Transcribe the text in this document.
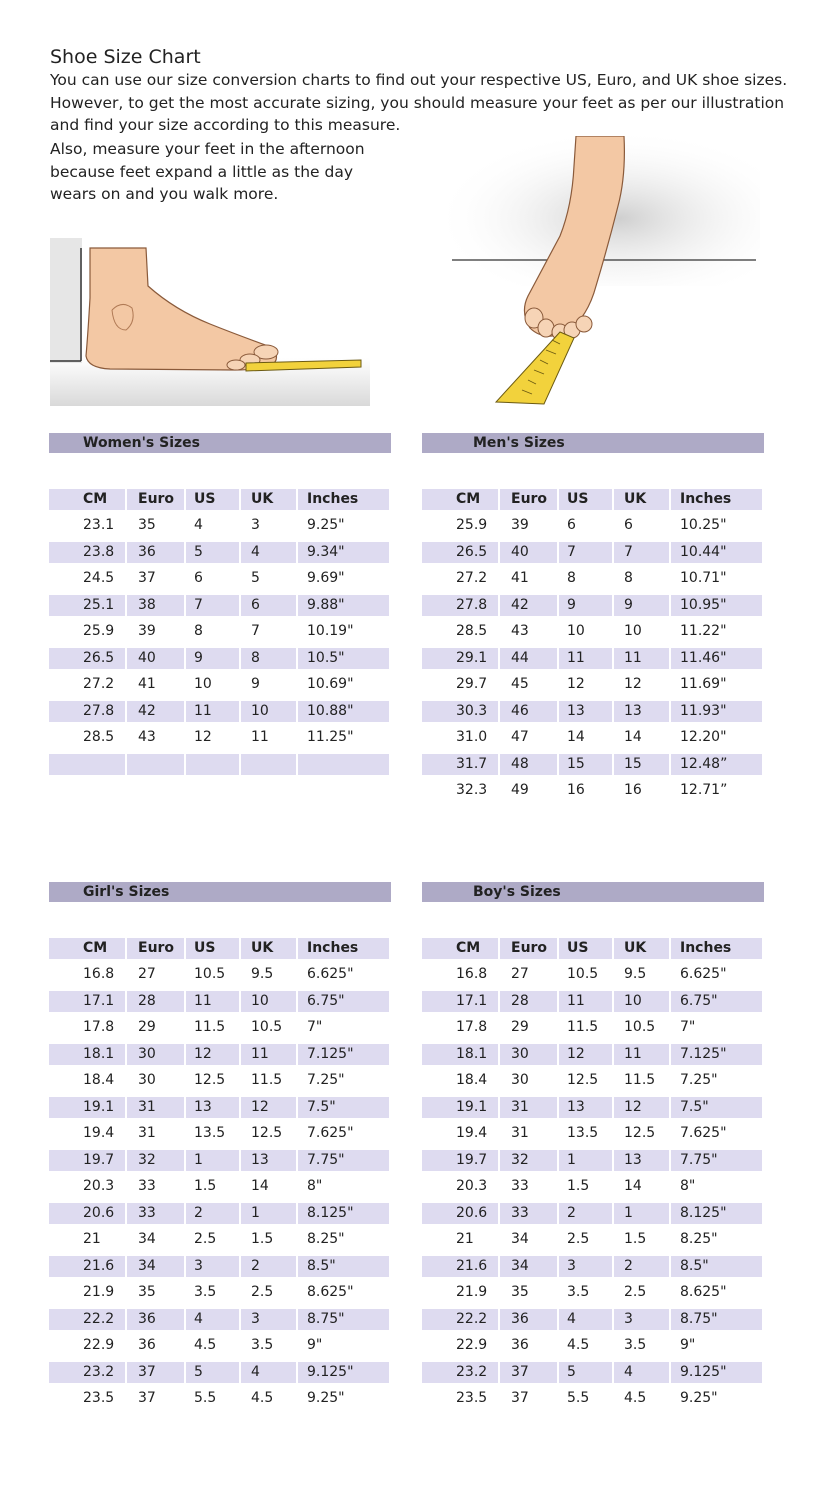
Shoe Size Chart

You can use our size conversion charts to find out your respective US, Euro, and UK shoe sizes.
However, to get the most accurate sizing, you should measure your feet as per our illustration
and find your size according to this measure.

Also, measure your feet in the afternoon
because feet expand a little as the day
wears on and you walk more.

Women's Sizes
CM	Euro	US	UK	Inches
23.1	35	4	3	9.25"
23.8	36	5	4	9.34"
24.5	37	6	5	9.69"
25.1	38	7	6	9.88"
25.9	39	8	7	10.19"
26.5	40	9	8	10.5"
27.2	41	10	9	10.69"
27.8	42	11	10	10.88"
28.5	43	12	11	11.25"
Men's Sizes
CM	Euro	US	UK	Inches
25.9	39	6	6	10.25"
26.5	40	7	7	10.44"
27.2	41	8	8	10.71"
27.8	42	9	9	10.95"
28.5	43	10	10	11.22"
29.1	44	11	11	11.46"
29.7	45	12	12	11.69"
30.3	46	13	13	11.93"
31.0	47	14	14	12.20"
31.7	48	15	15	12.48”
32.3	49	16	16	12.71”
Girl's Sizes
CM	Euro	US	UK	Inches
16.8	27	10.5	9.5	6.625"
17.1	28	11	10	6.75"
17.8	29	11.5	10.5	7"
18.1	30	12	11	7.125"
18.4	30	12.5	11.5	7.25"
19.1	31	13	12	7.5"
19.4	31	13.5	12.5	7.625"
19.7	32	1	13	7.75"
20.3	33	1.5	14	8"
20.6	33	2	1	8.125"
21	34	2.5	1.5	8.25"
21.6	34	3	2	8.5"
21.9	35	3.5	2.5	8.625"
22.2	36	4	3	8.75"
22.9	36	4.5	3.5	9"
23.2	37	5	4	9.125"
23.5	37	5.5	4.5	9.25"
Boy's Sizes
CM	Euro	US	UK	Inches
16.8	27	10.5	9.5	6.625"
17.1	28	11	10	6.75"
17.8	29	11.5	10.5	7"
18.1	30	12	11	7.125"
18.4	30	12.5	11.5	7.25"
19.1	31	13	12	7.5"
19.4	31	13.5	12.5	7.625"
19.7	32	1	13	7.75"
20.3	33	1.5	14	8"
20.6	33	2	1	8.125"
21	34	2.5	1.5	8.25"
21.6	34	3	2	8.5"
21.9	35	3.5	2.5	8.625"
22.2	36	4	3	8.75"
22.9	36	4.5	3.5	9"
23.2	37	5	4	9.125"
23.5	37	5.5	4.5	9.25"
